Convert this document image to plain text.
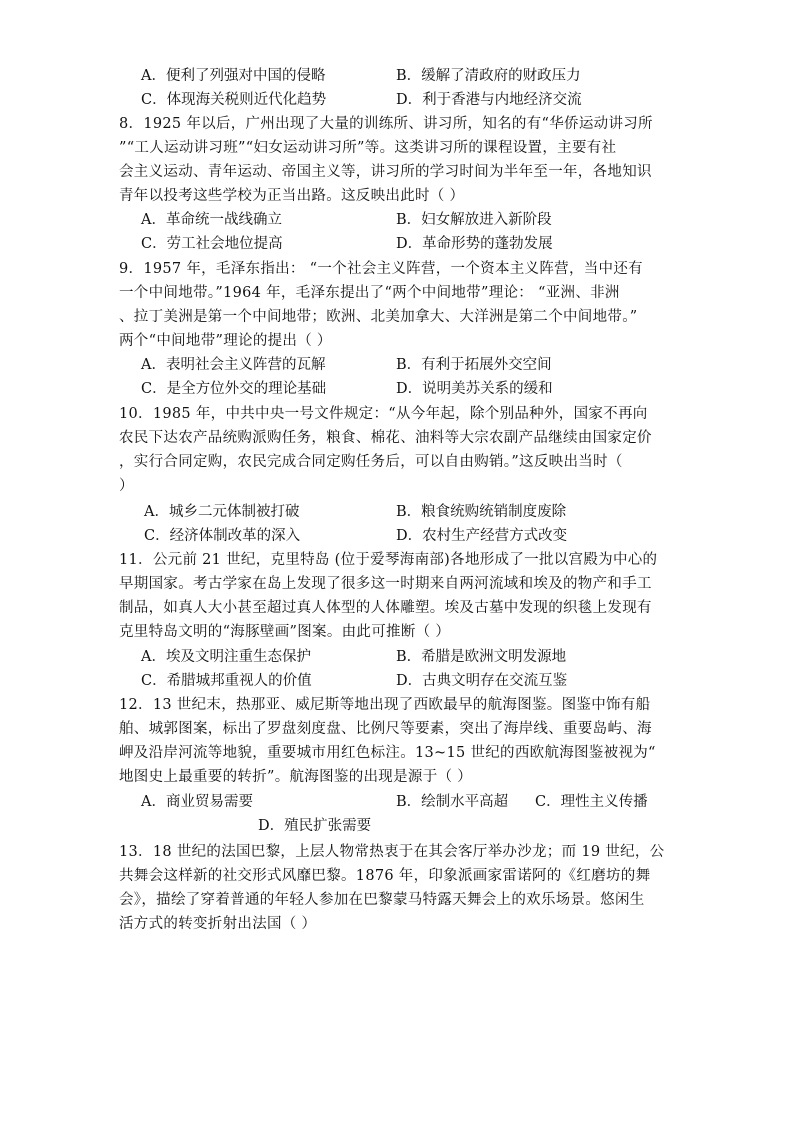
A．便利了列强对中国的侵略	B．缓解了清政府的财政压力
C．体现海关税则近代化趋势	D．利于香港与内地经济交流
8．1925 年以后，广州出现了大量的训练所、讲习所，知名的有“华侨运动讲习所
”“工人运动讲习班”“妇女运动讲习所”等。这类讲习所的课程设置，主要有社
会主义运动、青年运动、帝国主义等，讲习所的学习时间为半年至一年，各地知识
青年以投考这些学校为正当出路。这反映出此时（ ）
A．革命统一战线确立	B．妇女解放进入新阶段
C．劳工社会地位提高	D．革命形势的蓬勃发展
9．1957 年，毛泽东指出： “一个社会主义阵营，一个资本主义阵营，当中还有
一个中间地带。”1964 年，毛泽东提出了“两个中间地带”理论： “亚洲、非洲
、拉丁美洲是第一个中间地带；欧洲、北美加拿大、大洋洲是第二个中间地带。”
两个“中间地带”理论的提出（ ）
A．表明社会主义阵营的瓦解	B．有利于拓展外交空间
C．是全方位外交的理论基础	D．说明美苏关系的缓和
10．1985 年，中共中央一号文件规定：“从今年起，除个别品种外，国家不再向
农民下达农产品统购派购任务，粮食、棉花、油料等大宗农副产品继续由国家定价
，实行合同定购，农民完成合同定购任务后，可以自由购销。”这反映出当时（
）
A．城乡二元体制被打破	B．粮食统购统销制度废除
C．经济体制改革的深入	D．农村生产经营方式改变
11．公元前 21 世纪，克里特岛 (位于爱琴海南部)各地形成了一批以宫殿为中心的
早期国家。考古学家在岛上发现了很多这一时期来自两河流域和埃及的物产和手工
制品，如真人大小甚至超过真人体型的人体雕塑。埃及古墓中发现的织毯上发现有
克里特岛文明的“海豚壁画”图案。由此可推断（ ）
A．埃及文明注重生态保护	B．希腊是欧洲文明发源地
C．希腊城邦重视人的价值	D．古典文明存在交流互鉴
12．13 世纪末，热那亚、威尼斯等地出现了西欧最早的航海图鉴。图鉴中饰有船
舶、城郭图案，标出了罗盘刻度盘、比例尺等要素，突出了海岸线、重要岛屿、海
岬及沿岸河流等地貌，重要城市用红色标注。13~15 世纪的西欧航海图鉴被视为“
地图史上最重要的转折”。航海图鉴的出现是源于（ ）
A．商业贸易需要	B．绘制水平高超 C．理性主义传播
D．殖民扩张需要
13．18 世纪的法国巴黎，上层人物常热衷于在其会客厅举办沙龙；而 19 世纪，公
共舞会这样新的社交形式风靡巴黎。1876 年，印象派画家雷诺阿的《红磨坊的舞
会》，描绘了穿着普通的年轻人参加在巴黎蒙马特露天舞会上的欢乐场景。悠闲生
活方式的转变折射出法国（ ）
